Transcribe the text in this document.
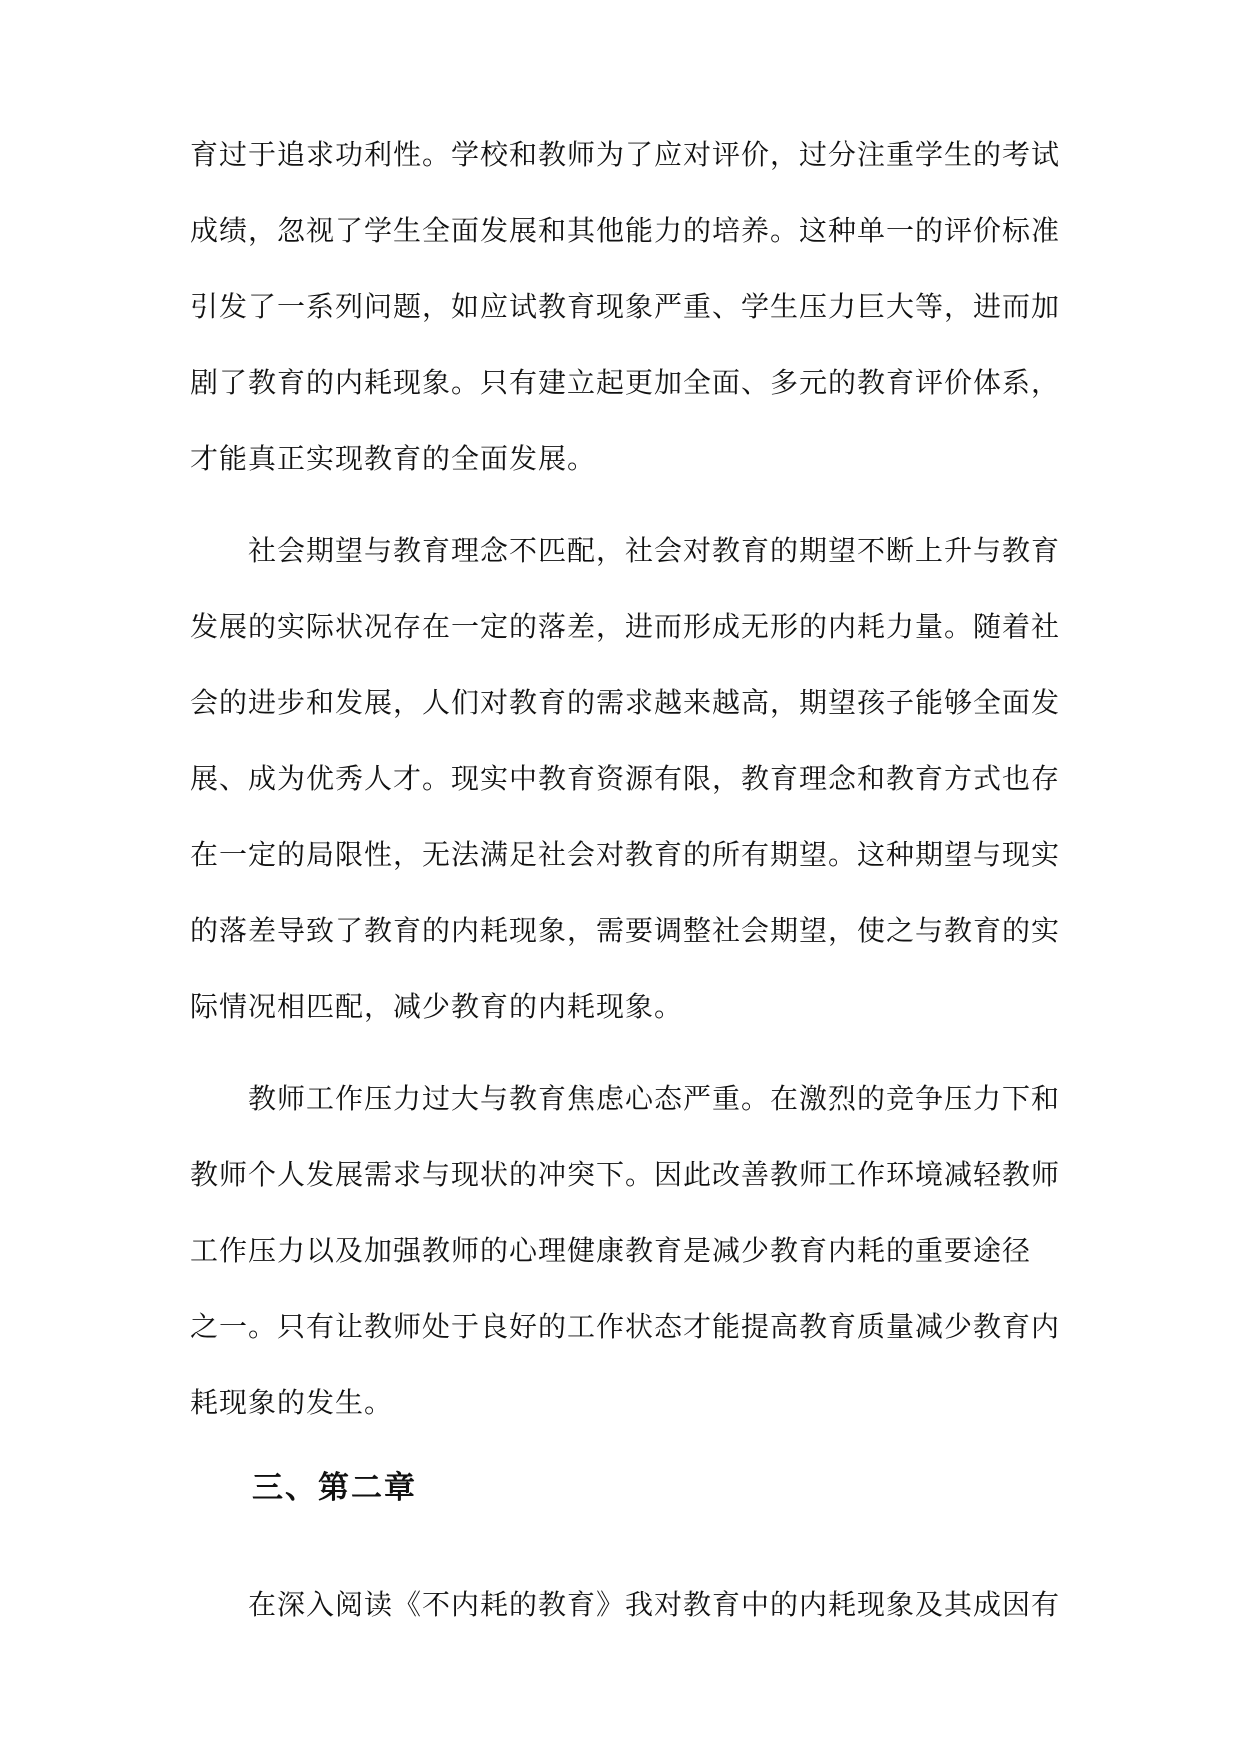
育过于追求功利性。学校和教师为了应对评价，过分注重学生的考试
成绩，忽视了学生全面发展和其他能力的培养。这种单一的评价标准
引发了一系列问题，如应试教育现象严重、学生压力巨大等，进而加
剧了教育的内耗现象。只有建立起更加全面、多元的教育评价体系，
才能真正实现教育的全面发展。

社会期望与教育理念不匹配，社会对教育的期望不断上升与教育
发展的实际状况存在一定的落差，进而形成无形的内耗力量。随着社
会的进步和发展，人们对教育的需求越来越高，期望孩子能够全面发
展、成为优秀人才。现实中教育资源有限，教育理念和教育方式也存
在一定的局限性，无法满足社会对教育的所有期望。这种期望与现实
的落差导致了教育的内耗现象，需要调整社会期望，使之与教育的实
际情况相匹配，减少教育的内耗现象。

教师工作压力过大与教育焦虑心态严重。在激烈的竞争压力下和
教师个人发展需求与现状的冲突下。因此改善教师工作环境减轻教师
工作压力以及加强教师的心理健康教育是减少教育内耗的重要途径
之一。只有让教师处于良好的工作状态才能提高教育质量减少教育内
耗现象的发生。

三、第二章

在深入阅读《不内耗的教育》我对教育中的内耗现象及其成因有
